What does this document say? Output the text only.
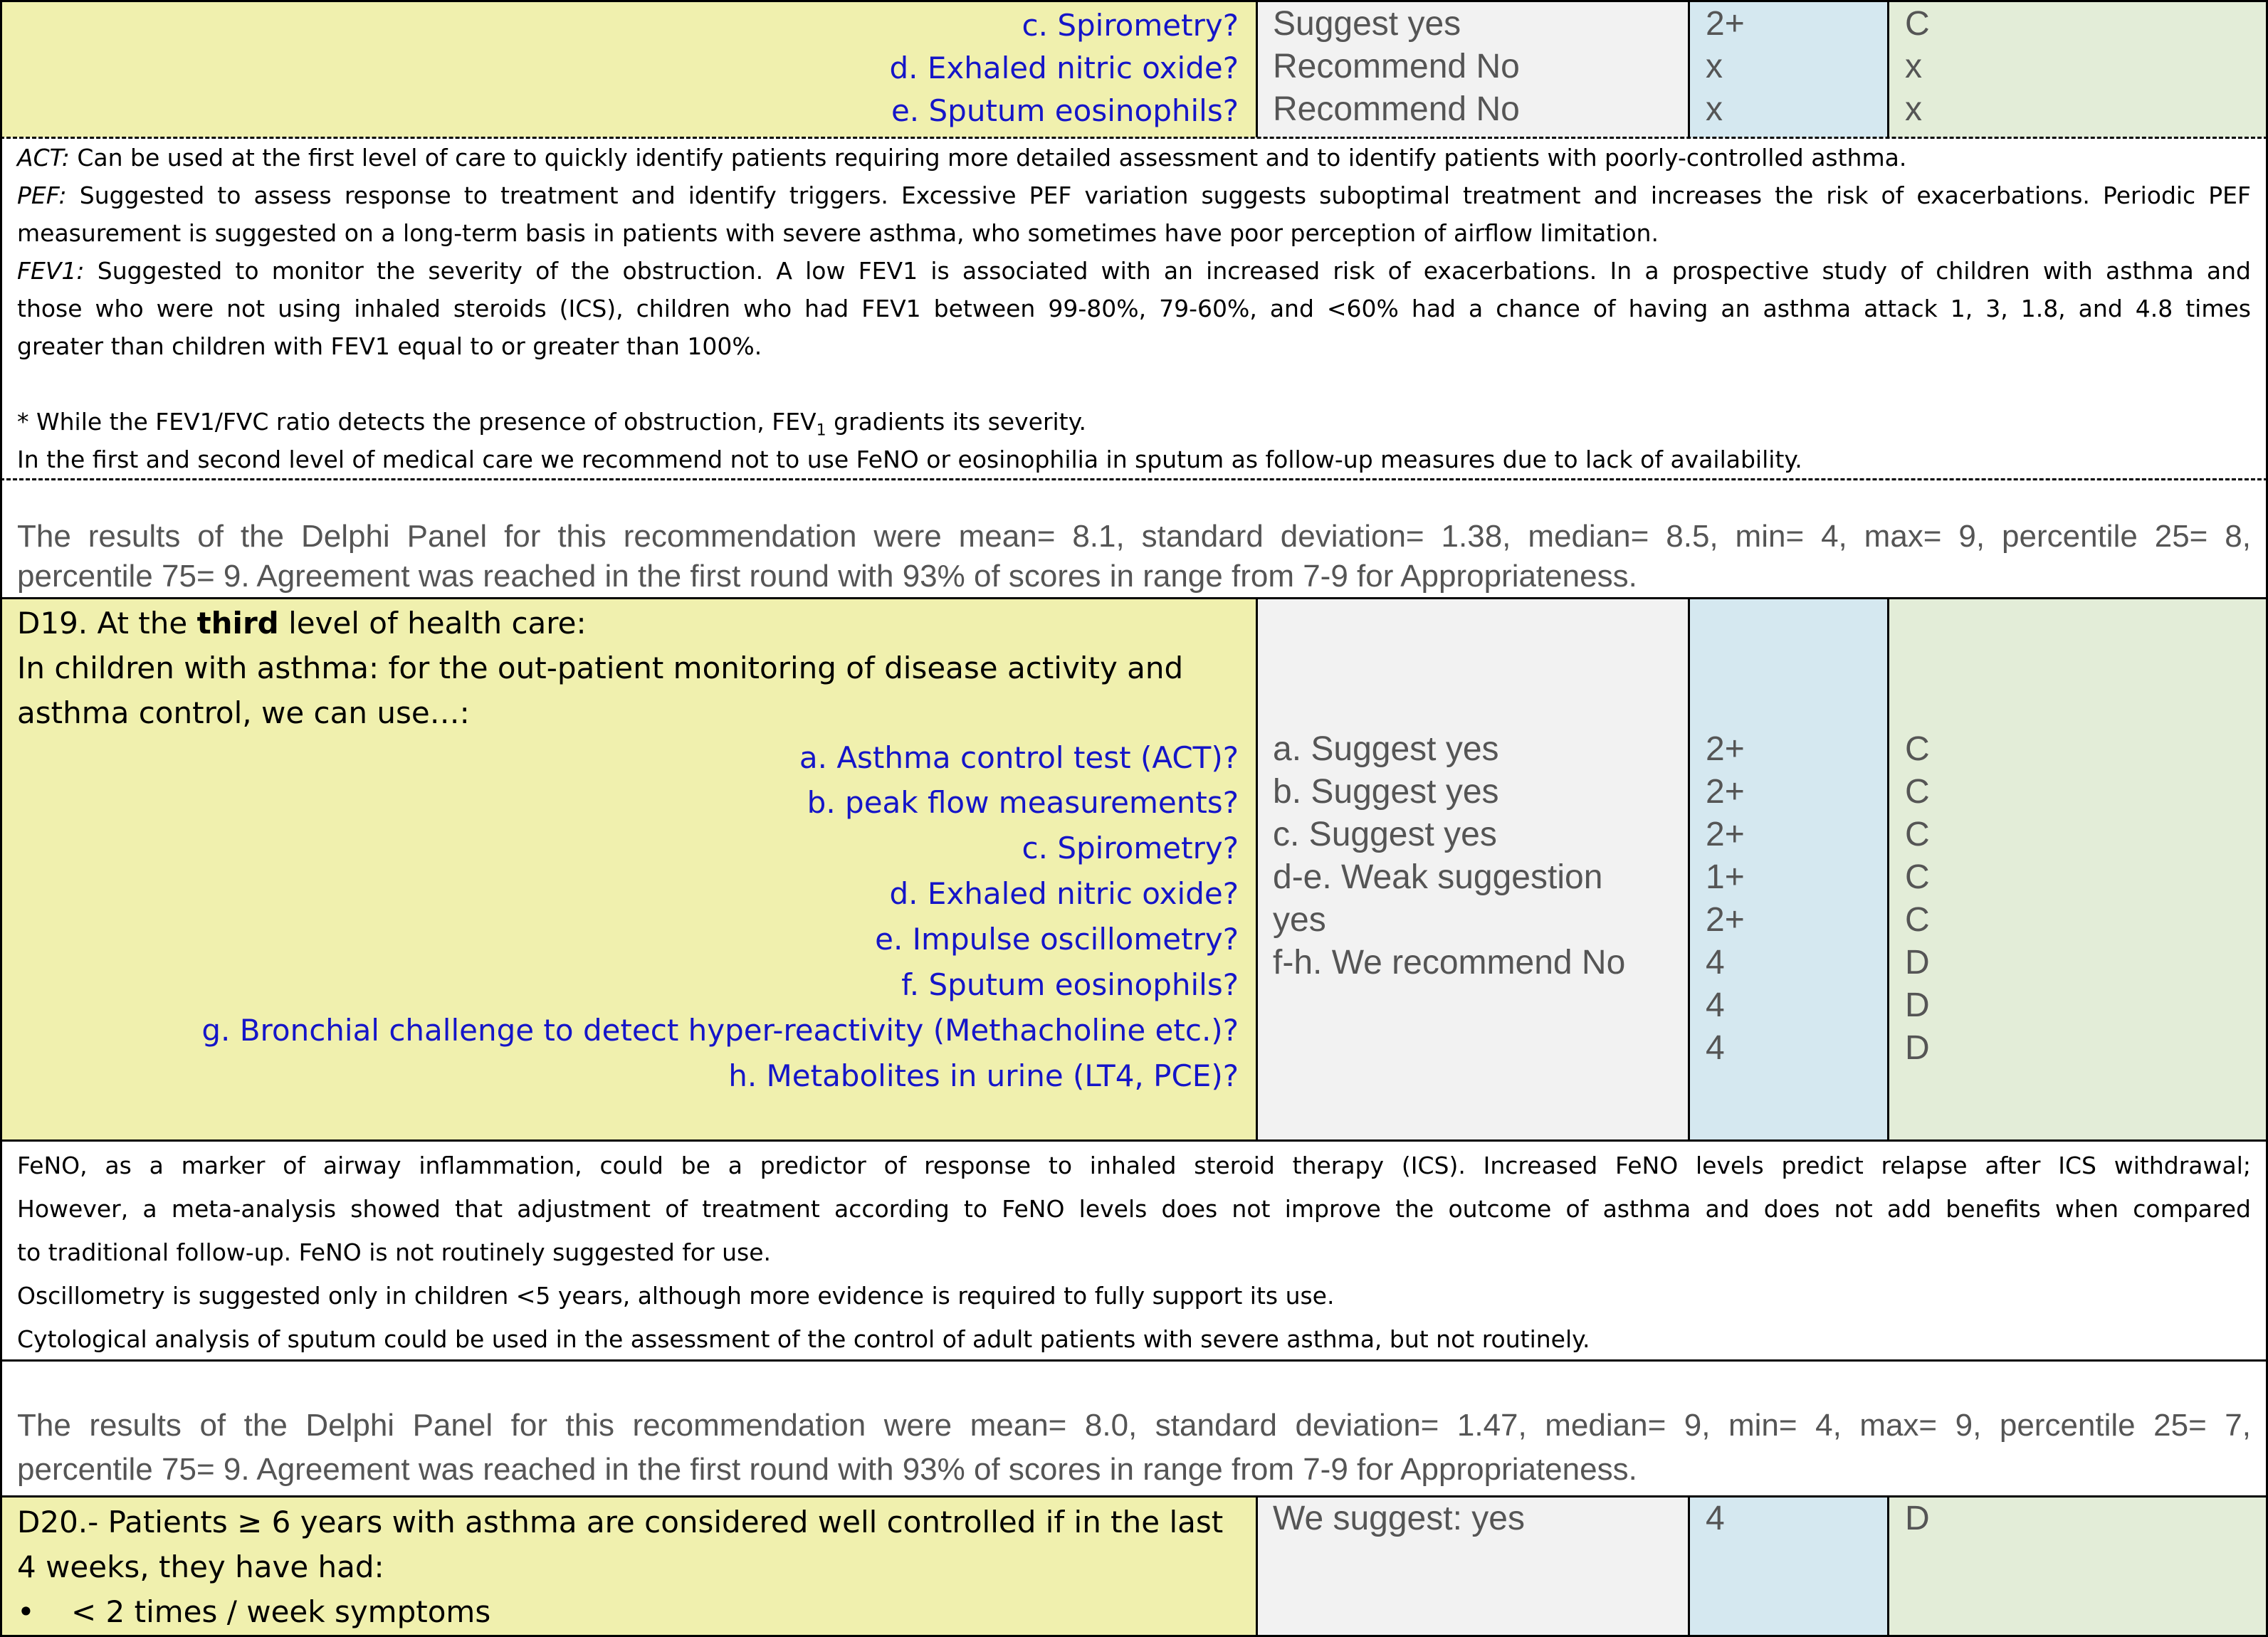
c. Spirometry?
d. Exhaled nitric oxide?
e. Sputum eosinophils?
Suggest yes
Recommend No
Recommend No
2+
x
x
C
x
x
ACT: Can be used at the first level of care to quickly identify patients requiring more detailed assessment and to identify patients with poorly-controlled asthma.
PEF: Suggested to assess response to treatment and identify triggers. Excessive PEF variation suggests suboptimal treatment and increases the risk of exacerbations. Periodic PEF
measurement is suggested on a long-term basis in patients with severe asthma, who sometimes have poor perception of airflow limitation.
FEV1: Suggested to monitor the severity of the obstruction. A low FEV1 is associated with an increased risk of exacerbations. In a prospective study of children with asthma and
those who were not using inhaled steroids (ICS), children who had FEV1 between 99-80%, 79-60%, and <60% had a chance of having an asthma attack 1, 3, 1.8, and 4.8 times
greater than children with FEV1 equal to or greater than 100%.
* While the FEV1/FVC ratio detects the presence of obstruction, $FEV_1$ gradients its severity.
In the first and second level of medical care we recommend not to use FeNO or eosinophilia in sputum as follow-up measures due to lack of availability.
The results of the Delphi Panel for this recommendation were mean= 8.1, standard deviation= 1.38, median= 8.5, min= 4, max= 9, percentile 25= 8,
percentile 75= 9. Agreement was reached in the first round with 93% of scores in range from 7-9 for Appropriateness.
D19. At the third level of health care:
In children with asthma: for the out-patient monitoring of disease activity and
asthma control, we can use…:
a. Asthma control test (ACT)?
b. peak flow measurements?
c. Spirometry?
d. Exhaled nitric oxide?
e. Impulse oscillometry?
f. Sputum eosinophils?
g. Bronchial challenge to detect hyper-reactivity (Methacholine etc.)?
h. Metabolites in urine (LT4, PCE)?
a. Suggest yes
b. Suggest yes
c. Suggest yes
d-e. Weak suggestion
yes
f-h. We recommend No
2+
2+
2+
1+
2+
4
4
4
C
C
C
C
C
D
D
D
FeNO, as a marker of airway inflammation, could be a predictor of response to inhaled steroid therapy (ICS). Increased FeNO levels predict relapse after ICS withdrawal;
However, a meta-analysis showed that adjustment of treatment according to FeNO levels does not improve the outcome of asthma and does not add benefits when compared
to traditional follow-up. FeNO is not routinely suggested for use.
Oscillometry is suggested only in children <5 years, although more evidence is required to fully support its use.
Cytological analysis of sputum could be used in the assessment of the control of adult patients with severe asthma, but not routinely.
The results of the Delphi Panel for this recommendation were mean= 8.0, standard deviation= 1.47, median= 9, min= 4, max= 9, percentile 25= 7,
percentile 75= 9. Agreement was reached in the first round with 93% of scores in range from 7-9 for Appropriateness.
D20.- Patients ≥ 6 years with asthma are considered well controlled if in the last
4 weeks, they have had:
• < 2 times / week symptoms
We suggest: yes	4	D
